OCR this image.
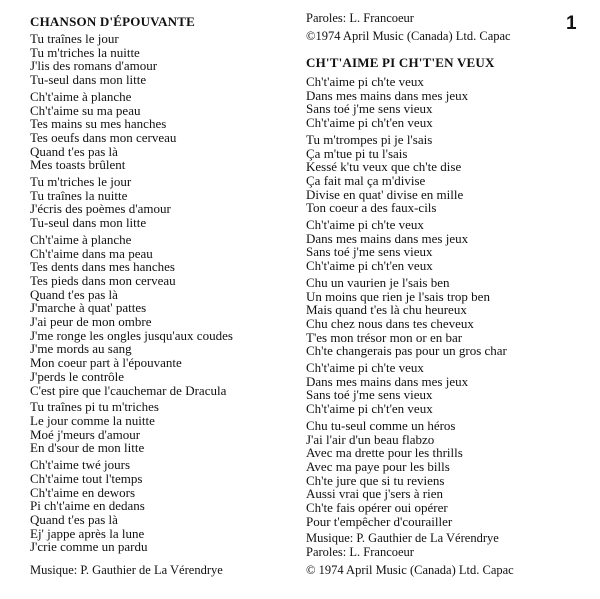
1
CHANSON D'ÉPOUVANTE
Tu traînes le jour
Tu m'triches la nuitte
J'lis des romans d'amour
Tu-seul dans mon litte
Ch't'aime à planche
Ch't'aime su ma peau
Tes mains su mes hanches
Tes oeufs dans mon cerveau
Quand t'es pas là
Mes toasts brûlent
Tu m'triches le jour
Tu traînes la nuitte
J'écris des poèmes d'amour
Tu-seul dans mon litte
Ch't'aime à planche
Ch't'aime dans ma peau
Tes dents dans mes hanches
Tes pieds dans mon cerveau
Quand t'es pas là
J'marche à quat' pattes
J'ai peur de mon ombre
J'me ronge les ongles jusqu'aux coudes
J'me mords au sang
Mon coeur part à l'épouvante
J'perds le contrôle
C'est pire que l'cauchemar de Dracula
Tu traînes pi tu m'triches
Le jour comme la nuitte
Moé j'meurs d'amour
En d'sour de mon litte
Ch't'aime twé jours
Ch't'aime tout l'temps
Ch't'aime en dewors
Pi ch't'aime en dedans
Quand t'es pas là
Ej' jappe après la lune
J'crie comme un pardu
Musique: P. Gauthier de La Vérendrye
Paroles: L. Francoeur
©1974 April Music (Canada) Ltd. Capac
CH'T'AIME PI CH'T'EN VEUX
Ch't'aime pi ch'te veux
Dans mes mains dans mes jeux
Sans toé j'me sens vieux
Ch't'aime pi ch't'en veux
Tu m'trompes pi je l'sais
Ça m'tue pi tu l'sais
Kessé k'tu veux que ch'te dise
Ça fait mal ça m'divise
Divise en quat' divise en mille
Ton coeur a des faux-cils
Ch't'aime pi ch'te veux
Dans mes mains dans mes jeux
Sans toé j'me sens vieux
Ch't'aime pi ch't'en veux
Chu un vaurien je l'sais ben
Un moins que rien je l'sais trop ben
Mais quand t'es là chu heureux
Chu chez nous dans tes cheveux
T'es mon trésor mon or en bar
Ch'te changerais pas pour un gros char
Ch't'aime pi ch'te veux
Dans mes mains dans mes jeux
Sans toé j'me sens vieux
Ch't'aime pi ch't'en veux
Chu tu-seul comme un héros
J'ai l'air d'un beau flabzo
Avec ma drette pour les thrills
Avec ma paye pour les bills
Ch'te jure que si tu reviens
Aussi vrai que j'sers à rien
Ch'te fais opérer oui opérer
Pour t'empêcher d'courailler
Musique: P. Gauthier de La Vérendrye
Paroles: L. Francoeur
© 1974 April Music (Canada) Ltd. Capac
